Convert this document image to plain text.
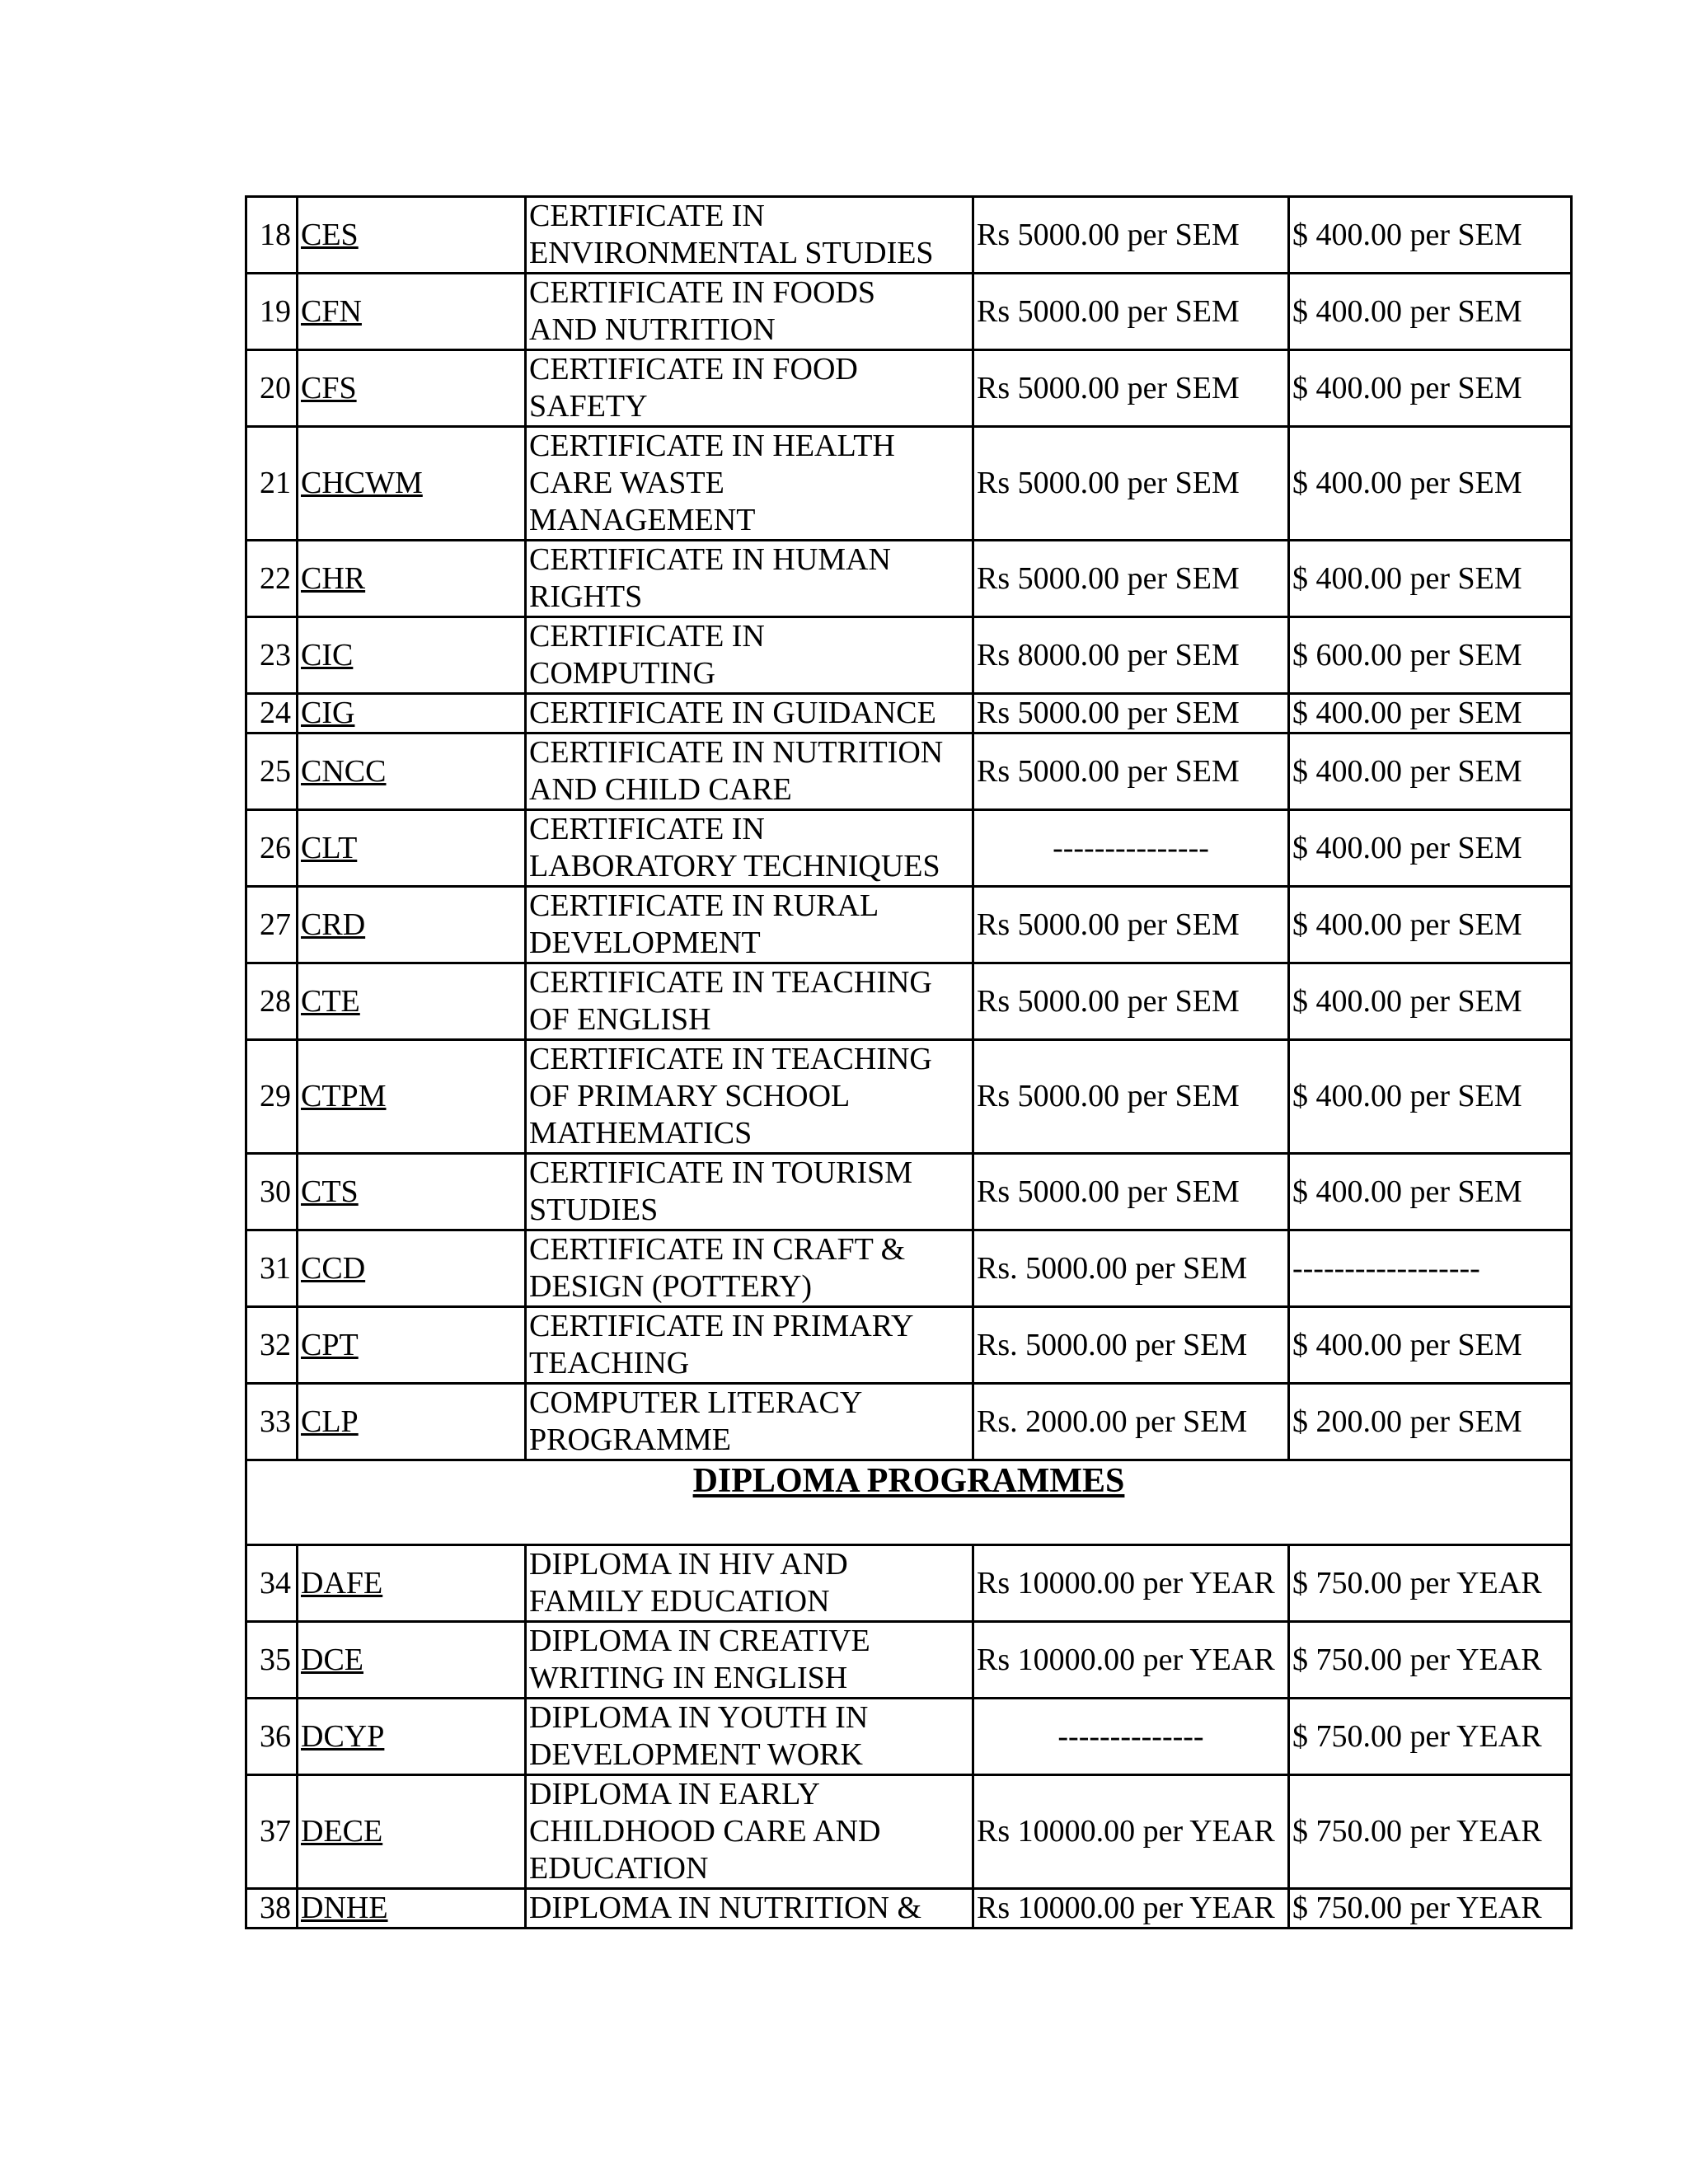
18	CES	CERTIFICATE IN
ENVIRONMENTAL STUDIES	Rs 5000.00 per SEM	$ 400.00 per SEM
19	CFN	CERTIFICATE IN FOODS
AND NUTRITION	Rs 5000.00 per SEM	$ 400.00 per SEM
20	CFS	CERTIFICATE IN FOOD
SAFETY	Rs 5000.00 per SEM	$ 400.00 per SEM
21	CHCWM	CERTIFICATE IN HEALTH
CARE WASTE
MANAGEMENT	Rs 5000.00 per SEM	$ 400.00 per SEM
22	CHR	CERTIFICATE IN HUMAN
RIGHTS	Rs 5000.00 per SEM	$ 400.00 per SEM
23	CIC	CERTIFICATE IN
COMPUTING	Rs 8000.00 per SEM	$ 600.00 per SEM
24	CIG	CERTIFICATE IN GUIDANCE	Rs 5000.00 per SEM	$ 400.00 per SEM
25	CNCC	CERTIFICATE IN NUTRITION
AND CHILD CARE	Rs 5000.00 per SEM	$ 400.00 per SEM
26	CLT	CERTIFICATE IN
LABORATORY TECHNIQUES	---------------	$ 400.00 per SEM
27	CRD	CERTIFICATE IN RURAL
DEVELOPMENT	Rs 5000.00 per SEM	$ 400.00 per SEM
28	CTE	CERTIFICATE IN TEACHING
OF ENGLISH	Rs 5000.00 per SEM	$ 400.00 per SEM
29	CTPM	CERTIFICATE IN TEACHING
OF PRIMARY SCHOOL
MATHEMATICS	Rs 5000.00 per SEM	$ 400.00 per SEM
30	CTS	CERTIFICATE IN TOURISM
STUDIES	Rs 5000.00 per SEM	$ 400.00 per SEM
31	CCD	CERTIFICATE IN CRAFT &
DESIGN (POTTERY)	Rs. 5000.00 per SEM	------------------
32	CPT	CERTIFICATE IN PRIMARY
TEACHING	Rs. 5000.00 per SEM	$ 400.00 per SEM
33	CLP	COMPUTER LITERACY
PROGRAMME	Rs. 2000.00 per SEM	$ 200.00 per SEM
DIPLOMA PROGRAMMES				
34	DAFE	DIPLOMA IN HIV AND
FAMILY EDUCATION	Rs 10000.00 per YEAR	$ 750.00 per YEAR
35	DCE	DIPLOMA IN CREATIVE
WRITING IN ENGLISH	Rs 10000.00 per YEAR	$ 750.00 per YEAR
36	DCYP	DIPLOMA IN YOUTH IN
DEVELOPMENT WORK	--------------	$ 750.00 per YEAR
37	DECE	DIPLOMA IN EARLY
CHILDHOOD CARE AND
EDUCATION	Rs 10000.00 per YEAR	$ 750.00 per YEAR
38	DNHE	DIPLOMA IN NUTRITION &	Rs 10000.00 per YEAR	$ 750.00 per YEAR
